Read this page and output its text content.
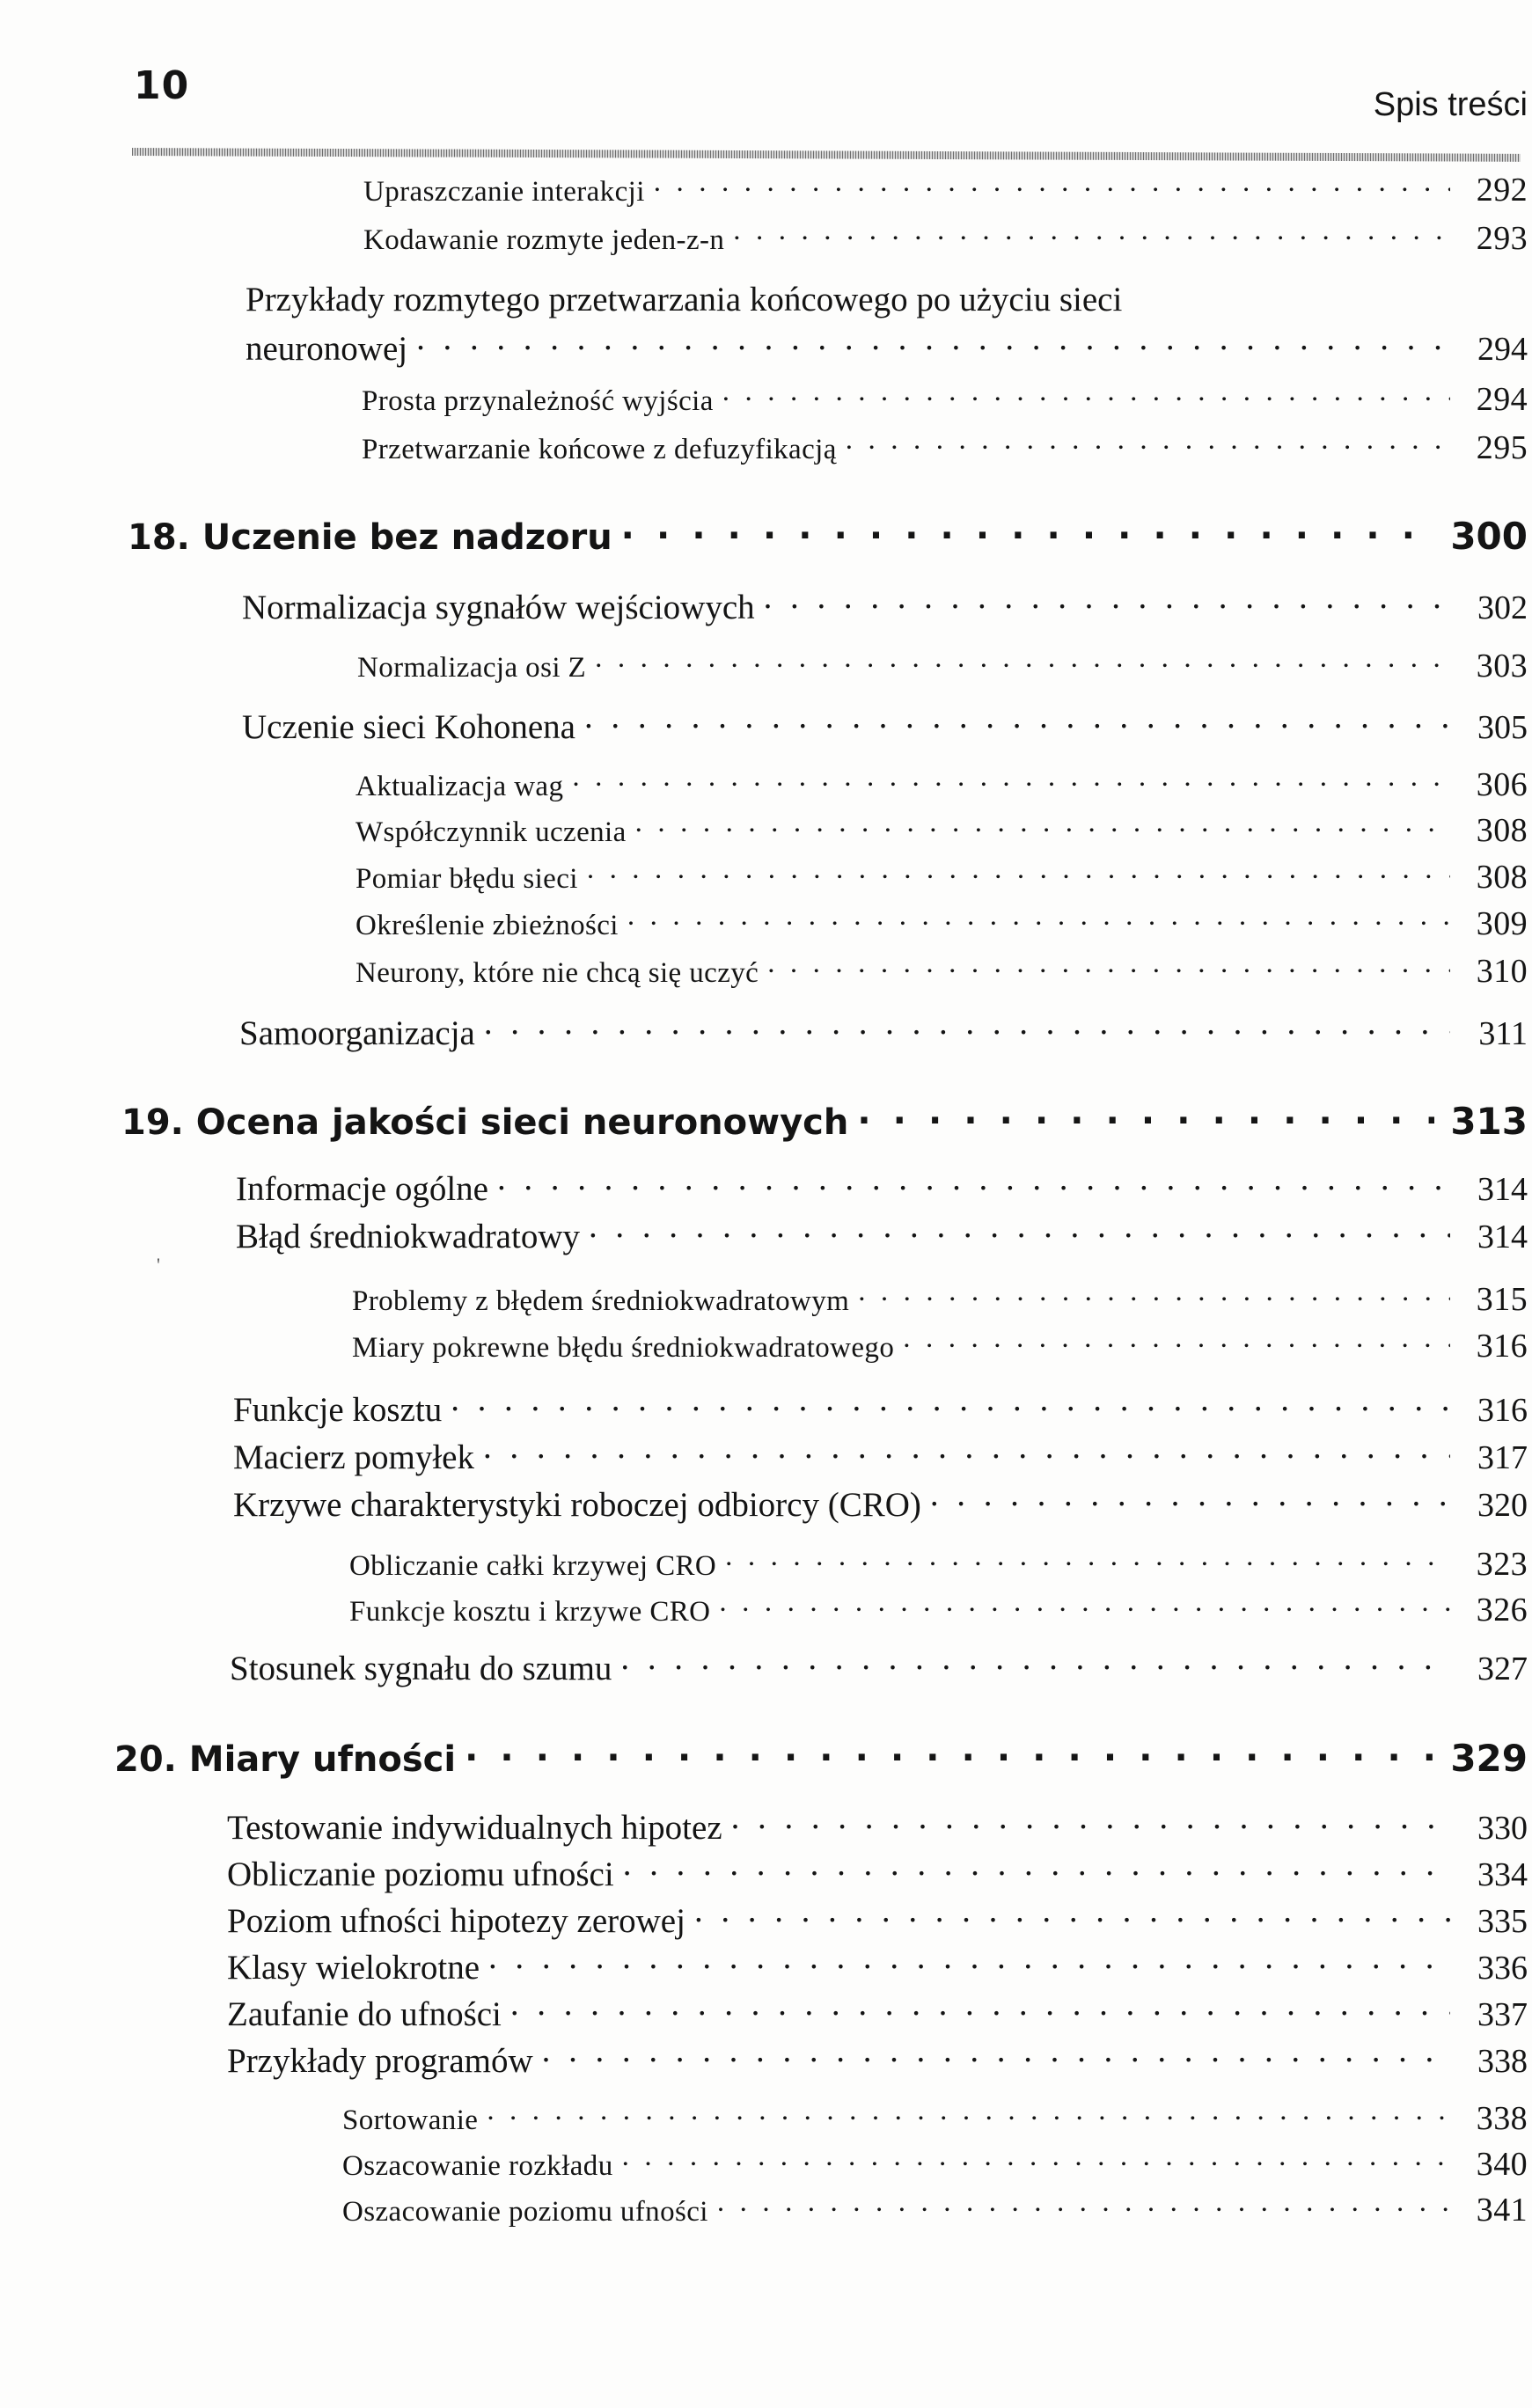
10	Spis treści
'
Upraszczanie interakcji . . .	292
Kodawanie rozmyte jeden-z-n . . .	293
Przykłady rozmytego przetwarzania końcowego po użyciu sieci
neuronowej . . .	294
Prosta przynależność wyjścia . . .	294
Przetwarzanie końcowe z defuzyfikacją . . .	295
18. Uczenie bez nadzoru . . .	300
Normalizacja sygnałów wejściowych . . .	302
Normalizacja osi Z . . .	303
Uczenie sieci Kohonena . . .	305
Aktualizacja wag . . .	306
Współczynnik uczenia . . .	308
Pomiar błędu sieci . . .	308
Określenie zbieżności . . .	309
Neurony, które nie chcą się uczyć . . .	310
Samoorganizacja . . .	311
19. Ocena jakości sieci neuronowych . . .	313
Informacje ogólne . . .	314
Błąd średniokwadratowy . . .	314
Problemy z błędem średniokwadratowym . . .	315
Miary pokrewne błędu średniokwadratowego . . .	316
Funkcje kosztu . . .	316
Macierz pomyłek . . .	317
Krzywe charakterystyki roboczej odbiorcy (CRO) . . .	320
Obliczanie całki krzywej CRO . . .	323
Funkcje kosztu i krzywe CRO . . .	326
Stosunek sygnału do szumu . . .	327
20. Miary ufności . . .	329
Testowanie indywidualnych hipotez . . .	330
Obliczanie poziomu ufności . . .	334
Poziom ufności hipotezy zerowej . . .	335
Klasy wielokrotne . . .	336
Zaufanie do ufności . . .	337
Przykłady programów . . .	338
Sortowanie . . .	338
Oszacowanie rozkładu . . .	340
Oszacowanie poziomu ufności . . .	341
